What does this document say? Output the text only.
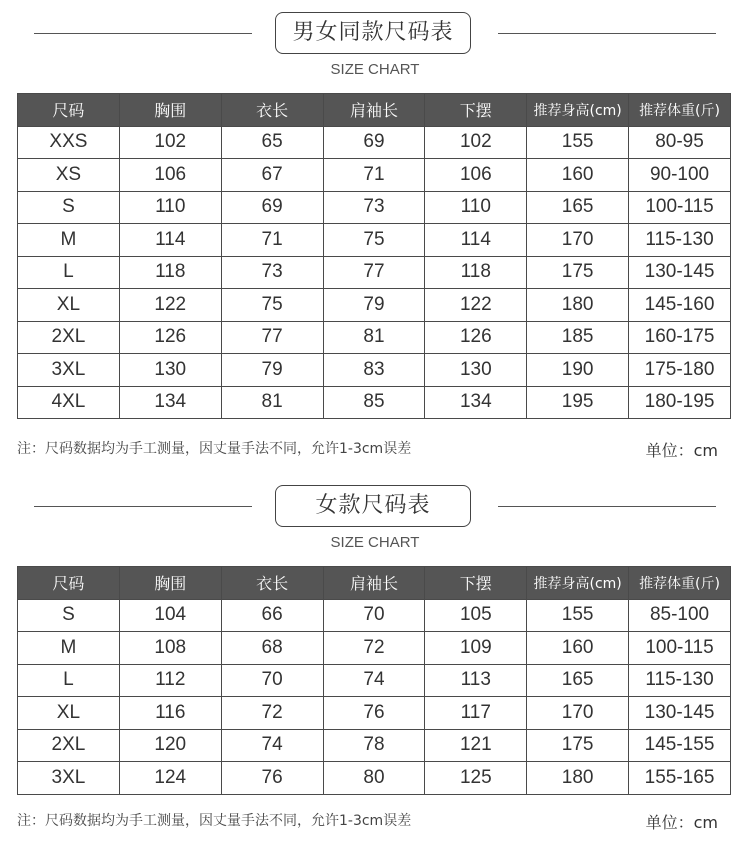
男女同款尺码表
SIZE CHART
尺码	胸围	衣长	肩袖长	下摆	推荐身高(cm)	推荐体重(斤)
XXS	102	65	69	102	155	80-95
XS	106	67	71	106	160	90-100
S	110	69	73	110	165	100-115
M	114	71	75	114	170	115-130
L	118	73	77	118	175	130-145
XL	122	75	79	122	180	145-160
2XL	126	77	81	126	185	160-175
3XL	130	79	83	130	190	175-180
4XL	134	81	85	134	195	180-195
注：尺码数据均为手工测量，因丈量手法不同，允许1-3cm误差	单位：cm
女款尺码表
SIZE CHART
尺码	胸围	衣长	肩袖长	下摆	推荐身高(cm)	推荐体重(斤)
S	104	66	70	105	155	85-100
M	108	68	72	109	160	100-115
L	112	70	74	113	165	115-130
XL	116	72	76	117	170	130-145
2XL	120	74	78	121	175	145-155
3XL	124	76	80	125	180	155-165
注：尺码数据均为手工测量，因丈量手法不同，允许1-3cm误差	单位：cm
